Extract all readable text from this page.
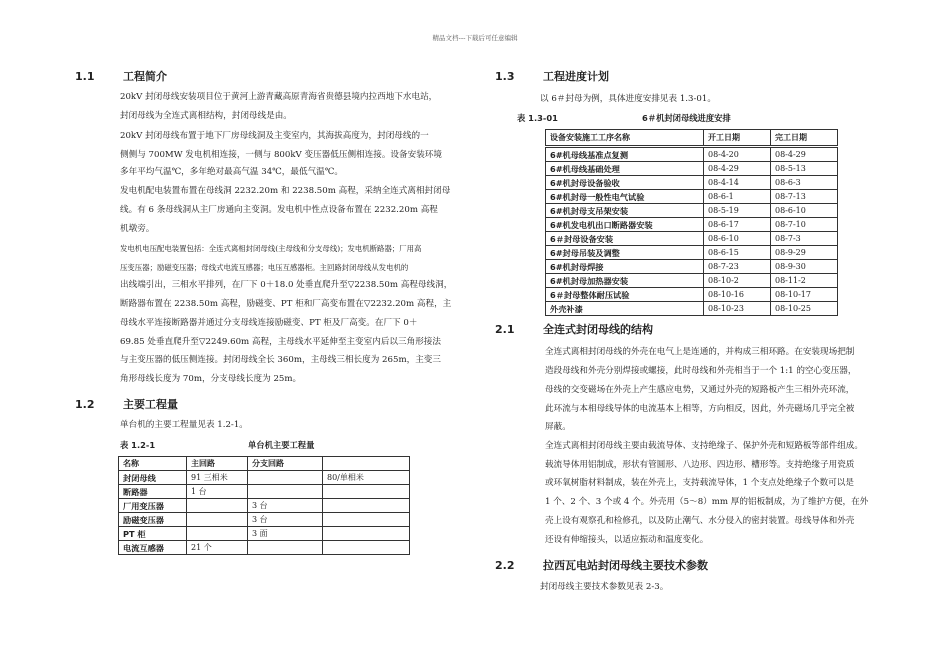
精品文档---下载后可任意编辑
1.1	工程简介
20kV 封闭母线安装项目位于黄河上游青藏高原青海省贵德县境内拉西地下水电站，
封闭母线为全连式离相结构，封闭母线是由。
20kV 封闭母线布置于地下厂房母线洞及主变室内，其海拔高度为，封闭母线的一
侧侧与 700MW 发电机相连接，一侧与 800kV 变压器低压侧相连接。设备安装环境
多年平均气温℃，多年绝对最高气温 34℃，最低气温℃。
发电机配电装置布置在母线洞 2232.20m 和 2238.50m 高程，采纳全连式离相封闭母
线。有 6 条母线洞从主厂房通向主变洞。发电机中性点设备布置在 2232.20m 高程
机墩旁。
发电机电压配电装置包括：全连式离相封闭母线(主母线和分支母线)；发电机断路器；厂用高
压变压器；励磁变压器；母线式电流互感器；电压互感器柜。主回路封闭母线从发电机的
出线端引出，三相水平排列，在厂下 0＋18.0 处垂直爬升至▽2238.50m 高程母线洞，
断路器布置在 2238.50m 高程，励磁变、PT 柜和厂高变布置在▽2232.20m 高程，主
母线水平连接断路器并通过分支母线连接励磁变、PT 柜及厂高变。在厂下 0＋
69.85 处垂直爬升至▽2249.60m 高程，主母线水平延伸至主变室内后以三角形接法
与主变压器的低压侧连接。封闭母线全长 360m，主母线三相长度为 265m，主变三
角形母线长度为 70m，分支母线长度为 25m。
1.2	主要工程量
单台机的主要工程量见表 1.2-1。
表 1.2-1	单台机主要工程量
名称	主回路	分支回路	
封闭母线	91 三相米		80/单相米
断路器	1 台		
厂用变压器		3 台	
励磁变压器		3 台	
PT 柜		3 面	
电流互感器	21 个		
1.3	工程进度计划
以 6＃封母为例，具体进度安排见表 1.3-01。
表 1.3-01	6＃机封闭母线进度安排
设备安装施工工序名称	开工日期	完工日期
6#机母线基准点复测	08-4-20	08-4-29
6#机母线基础处理	08-4-29	08-5-13
6#机封母设备验收	08-4-14	08-6-3
6#机封母一般性电气试验	08-6-1	08-7-13
6#机封母支吊架安装	08-5-19	08-6-10
6#机发电机出口断路器安装	08-6-17	08-7-10
6＃封母设备安装	08-6-10	08-7-3
6#封母吊装及调整	08-6-15	08-9-29
6#机封母焊接	08-7-23	08-9-30
6#机封母加热器安装	08-10-2	08-11-2
6＃封母整体耐压试验	08-10-16	08-10-17
外壳补漆	08-10-23	08-10-25
2.1	全连式封闭母线的结构
全连式离相封闭母线的外壳在电气上是连通的，并构成三相环路。在安装现场把制
造段母线和外壳分别焊接或螺接，此时母线和外壳相当于一个 1:1 的空心变压器，
母线的交变磁场在外壳上产生感应电势，又通过外壳的短路板产生三相外壳环流，
此环流与本相母线导体的电流基本上相等，方向相反，因此，外壳磁场几乎完全被
屏蔽。
全连式离相封闭母线主要由载流导体、支持绝缘子、保护外壳和短路板等部件组成。
载流导体用铝制成，形状有管圆形、八边形、四边形、槽形等。支持绝缘子用瓷质
或环氧树脂材料制成，装在外壳上，支持载流导体，1 个支点处绝缘子个数可以是
1 个、2 个、3 个或 4 个。外壳用（5～8）mm 厚的铝板制成，为了维护方便，在外
壳上设有观察孔和检修孔，以及防止潮气、水分侵入的密封装置。母线导体和外壳
还设有伸缩接头，以适应振动和温度变化。
2.2	拉西瓦电站封闭母线主要技术参数
封闭母线主要技术参数见表 2-3。
